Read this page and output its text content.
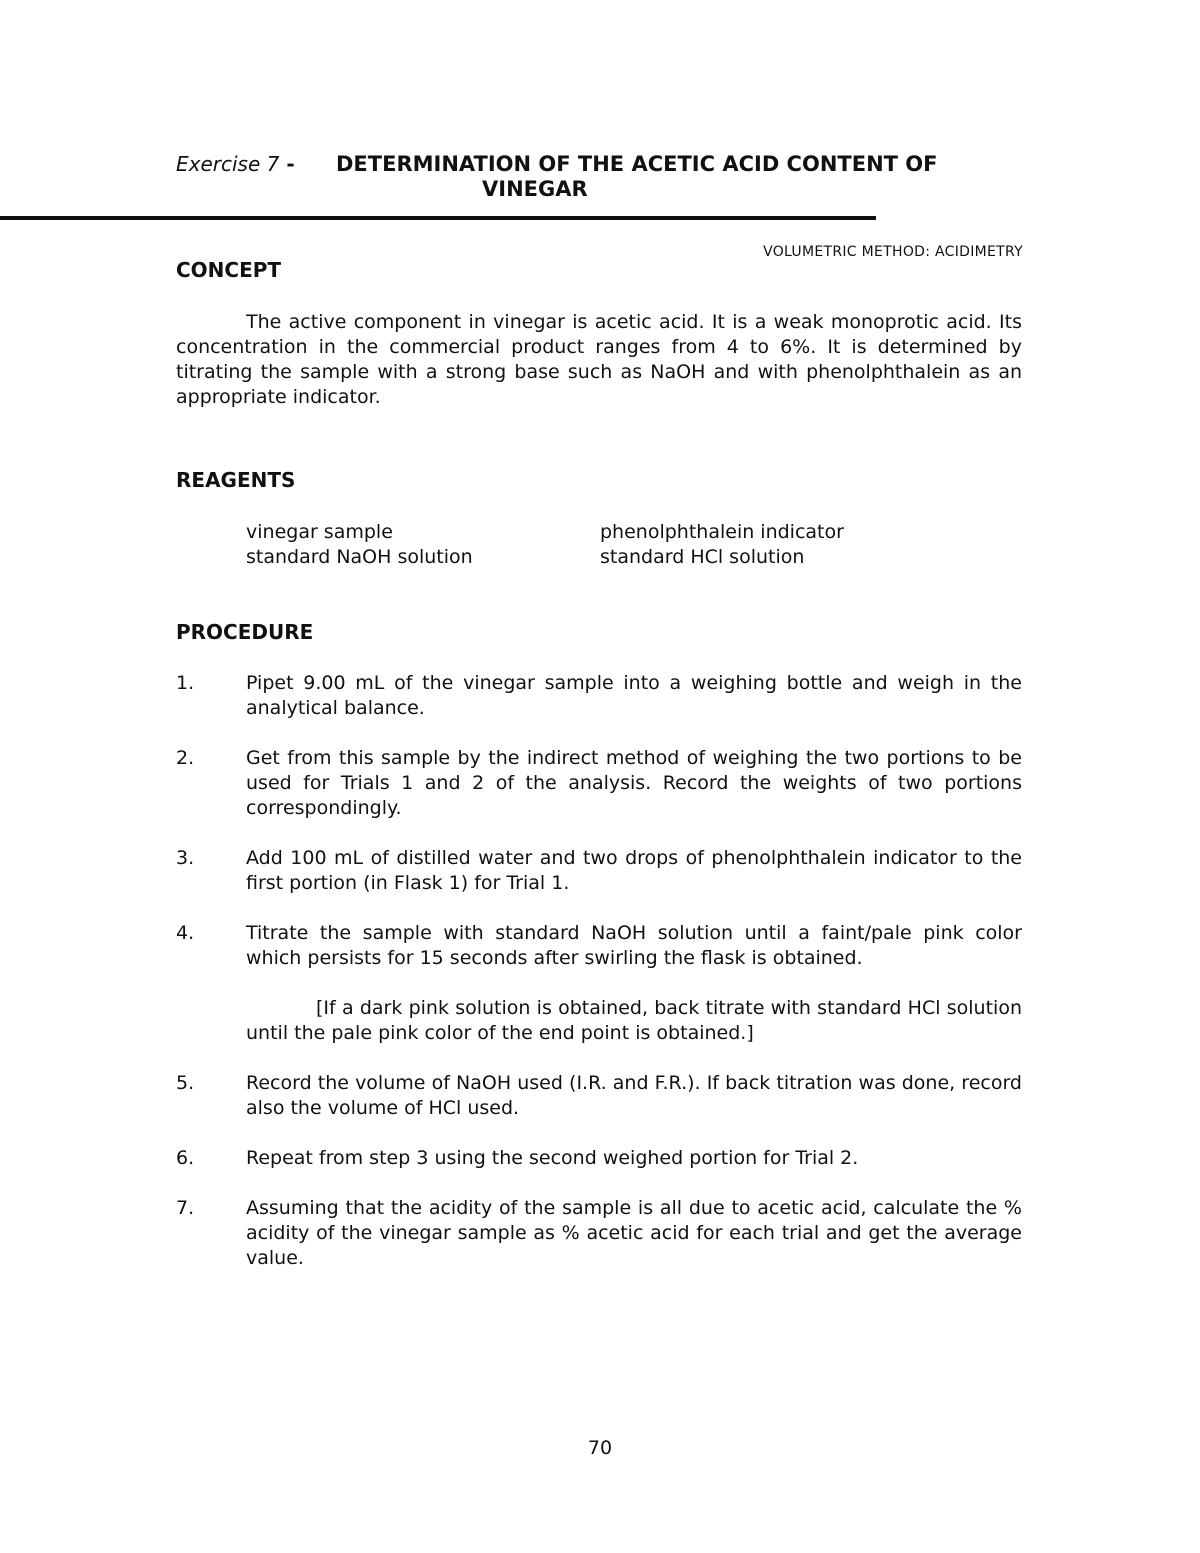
Exercise 7 -	DETERMINATION OF THE ACETIC ACID CONTENT OF
VINEGAR
VOLUMETRIC METHOD: ACIDIMETRY
CONCEPT
The active component in vinegar is acetic acid. It is a weak monoprotic acid. Its concentration in the commercial product ranges from 4 to 6%. It is determined by titrating the sample with a strong base such as NaOH and with phenolphthalein as an appropriate indicator.
REAGENTS
vinegar sample	phenolphthalein indicator
standard NaOH solution	standard HCl solution
PROCEDURE
1.	Pipet 9.00 mL of the vinegar sample into a weighing bottle and weigh in the analytical balance.
2.	Get from this sample by the indirect method of weighing the two portions to be used for Trials 1 and 2 of the analysis. Record the weights of two portions correspondingly.
3.	Add 100 mL of distilled water and two drops of phenolphthalein indicator to the first portion (in Flask 1) for Trial 1.
4.	Titrate the sample with standard NaOH solution until a faint/pale pink color which persists for 15 seconds after swirling the flask is obtained.
[If a dark pink solution is obtained, back titrate with standard HCl solution until the pale pink color of the end point is obtained.]
5.	Record the volume of NaOH used (I.R. and F.R.). If back titration was done, record also the volume of HCl used.
6.	Repeat from step 3 using the second weighed portion for Trial 2.
7.	Assuming that the acidity of the sample is all due to acetic acid, calculate the % acidity of the vinegar sample as % acetic acid for each trial and get the average value.
70
